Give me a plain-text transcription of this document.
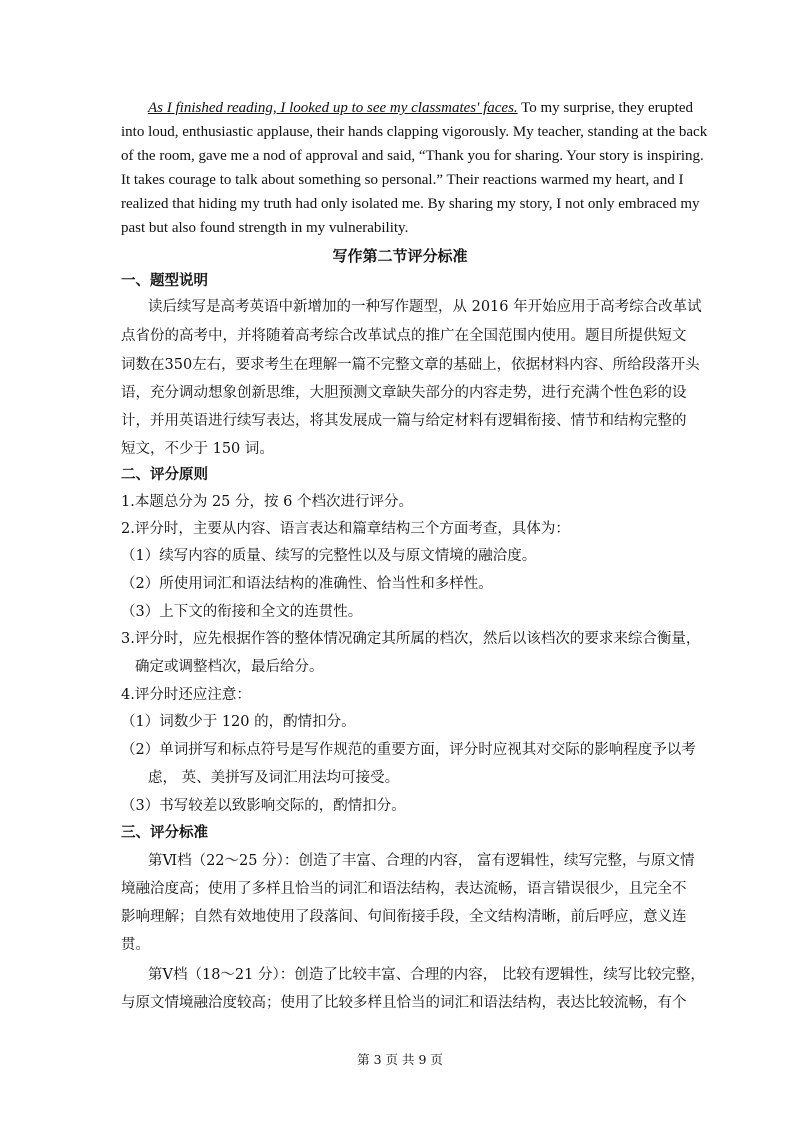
As I finished reading, I looked up to see my classmates' faces. To my surprise, they erupted
into loud, enthusiastic applause, their hands clapping vigorously. My teacher, standing at the back
of the room, gave me a nod of approval and said, “Thank you for sharing. Your story is inspiring.
It takes courage to talk about something so personal.” Their reactions warmed my heart, and I
realized that hiding my truth had only isolated me. By sharing my story, I not only embraced my
past but also found strength in my vulnerability.
写作第二节评分标准
一、题型说明
读后续写是高考英语中新增加的一种写作题型，从 2016 年开始应用于高考综合改革试
点省份的高考中，并将随着高考综合改革试点的推广在全国范围内使用。题目所提供短文
词数在350左右，要求考生在理解一篇不完整文章的基础上，依据材料内容、所给段落开头
语，充分调动想象创新思维，大胆预测文章缺失部分的内容走势，进行充满个性色彩的设
计，并用英语进行续写表达，将其发展成一篇与给定材料有逻辑衔接、情节和结构完整的
短文，不少于 150 词。
二、评分原则
1.本题总分为 25 分，按 6 个档次进行评分。
2.评分时，主要从内容、语言表达和篇章结构三个方面考查，具体为：
（1）续写内容的质量、续写的完整性以及与原文情境的融洽度。
（2）所使用词汇和语法结构的准确性、恰当性和多样性。
（3）上下文的衔接和全文的连贯性。
3.评分时，应先根据作答的整体情况确定其所属的档次，然后以该档次的要求来综合衡量，
确定或调整档次，最后给分。
4.评分时还应注意：
（1）词数少于 120 的，酌情扣分。
（2）单词拼写和标点符号是写作规范的重要方面，评分时应视其对交际的影响程度予以考
虑， 英、美拼写及词汇用法均可接受。
（3）书写较差以致影响交际的，酌情扣分。
三、评分标准
第Ⅵ档（22～25 分）：创造了丰富、合理的内容， 富有逻辑性，续写完整，与原文情
境融洽度高；使用了多样且恰当的词汇和语法结构，表达流畅，语言错误很少，且完全不
影响理解；自然有效地使用了段落间、句间衔接手段，全文结构清晰，前后呼应，意义连
贯。
第Ⅴ档（18～21 分）：创造了比较丰富、合理的内容， 比较有逻辑性，续写比较完整，
与原文情境融洽度较高；使用了比较多样且恰当的词汇和语法结构，表达比较流畅，有个
第 3 页 共 9 页
